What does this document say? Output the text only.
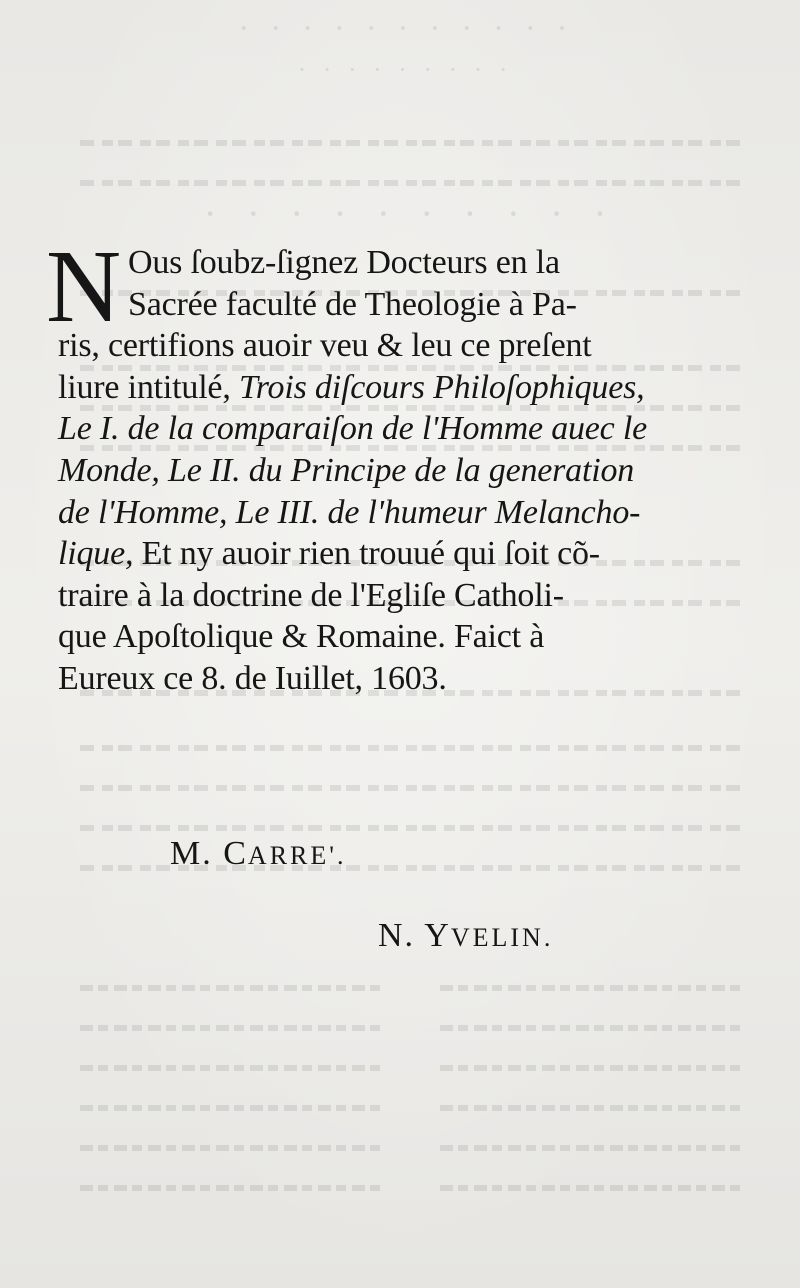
· · · · · · · · · · ·
· · · · · · · · ·
· · · · · · · · · ·
N Ous ſoubz-ſignez Docteurs en la
Sacrée faculté de Theologie à Pa-
ris, certifions auoir veu & leu ce preſent
liure intitulé, Trois diſcours Philoſophiques,
Le I. de la comparaiſon de l'Homme auec le
Monde, Le II. du Principe de la generation
de l'Homme, Le III. de l'humeur Melancho-
lique, Et ny auoir rien trouué qui ſoit cõ-
traire à la doctrine de l'Egliſe Catholi-
que Apoſtolique & Romaine. Faict à
Eureux ce 8. de Iuillet, 1603.
M. CARRE'.
N. YVELIN.
